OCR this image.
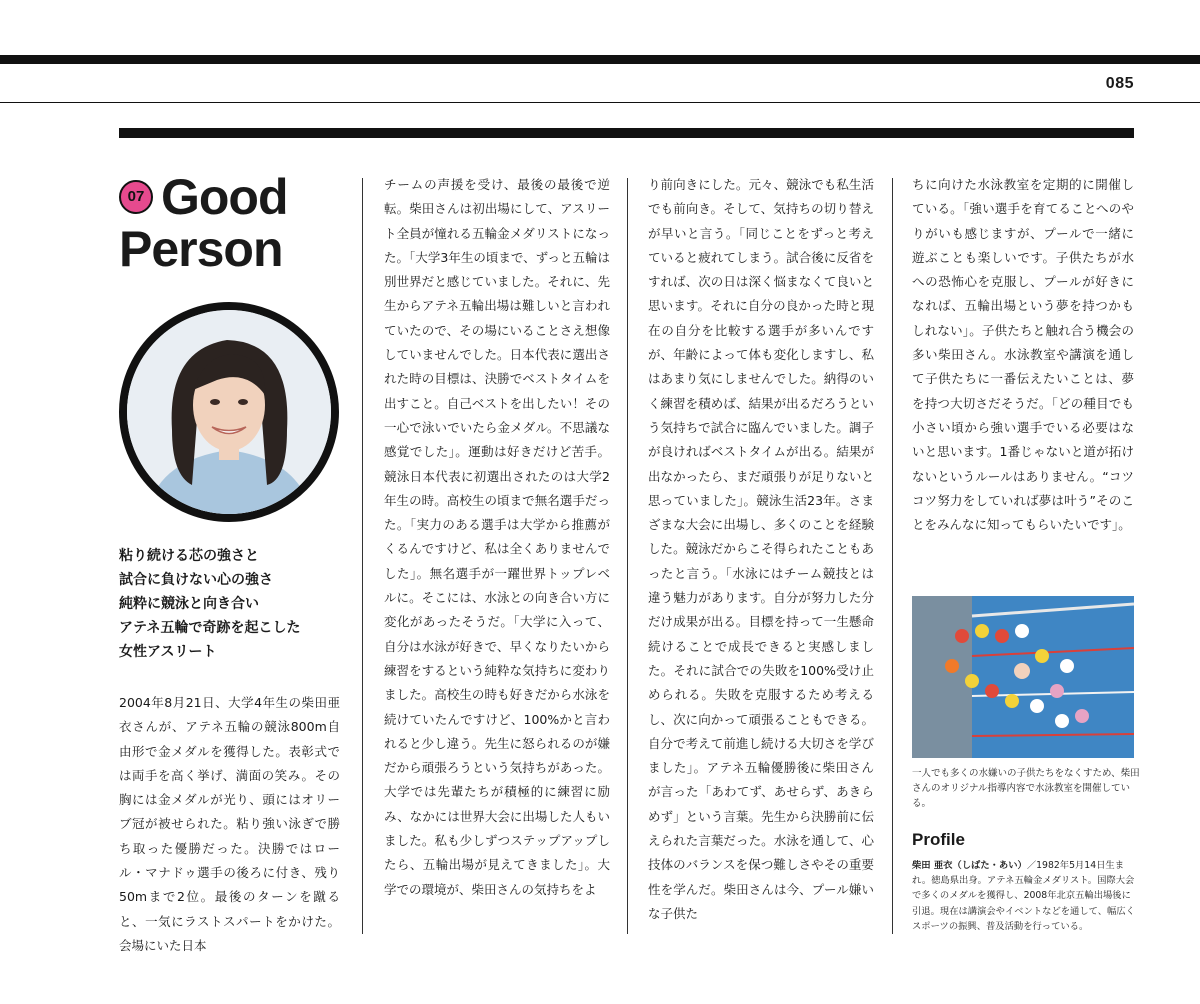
085
07 Good
Person
粘り続ける芯の強さと
試合に負けない心の強さ
純粋に競泳と向き合い
アテネ五輪で奇跡を起こした
女性アスリート
2004年8月21日、大学4年生の柴田亜衣さんが、アテネ五輪の競泳800m自由形で金メダルを獲得した。表彰式では両手を高く挙げ、満面の笑み。その胸には金メダルが光り、頭にはオリーブ冠が被せられた。粘り強い泳ぎで勝ち取った優勝だった。決勝ではロール・マナドゥ選手の後ろに付き、残り50mまで2位。最後のターンを蹴ると、一気にラストスパートをかけた。会場にいた日本
チームの声援を受け、最後の最後で逆転。柴田さんは初出場にして、アスリート全員が憧れる五輪金メダリストになった。「大学3年生の頃まで、ずっと五輪は別世界だと感じていました。それに、先生からアテネ五輪出場は難しいと言われていたので、その場にいることさえ想像していませんでした。日本代表に選出された時の目標は、決勝でベストタイムを出すこと。自己ベストを出したい！その一心で泳いでいたら金メダル。不思議な感覚でした」。運動は好きだけど苦手。競泳日本代表に初選出されたのは大学2年生の時。高校生の頃まで無名選手だった。「実力のある選手は大学から推薦がくるんですけど、私は全くありませんでした」。無名選手が一躍世界トップレベルに。そこには、水泳との向き合い方に変化があったそうだ。「大学に入って、自分は水泳が好きで、早くなりたいから練習をするという純粋な気持ちに変わりました。高校生の時も好きだから水泳を続けていたんですけど、100%かと言われると少し違う。先生に怒られるのが嫌だから頑張ろうという気持ちがあった。大学では先輩たちが積極的に練習に励み、なかには世界大会に出場した人もいました。私も少しずつステップアップしたら、五輪出場が見えてきました」。大学での環境が、柴田さんの気持ちをよ
り前向きにした。元々、競泳でも私生活でも前向き。そして、気持ちの切り替えが早いと言う。「同じことをずっと考えていると疲れてしまう。試合後に反省をすれば、次の日は深く悩まなくて良いと思います。それに自分の良かった時と現在の自分を比較する選手が多いんですが、年齢によって体も変化しますし、私はあまり気にしませんでした。納得のいく練習を積めば、結果が出るだろうという気持ちで試合に臨んでいました。調子が良ければベストタイムが出る。結果が出なかったら、まだ頑張りが足りないと思っていました」。競泳生活23年。さまざまな大会に出場し、多くのことを経験した。競泳だからこそ得られたこともあったと言う。「水泳にはチーム競技とは違う魅力があります。自分が努力した分だけ成果が出る。目標を持って一生懸命続けることで成長できると実感しました。それに試合での失敗を100%受け止められる。失敗を克服するため考えるし、次に向かって頑張ることもできる。自分で考えて前進し続ける大切さを学びました」。アテネ五輪優勝後に柴田さんが言った「あわてず、あせらず、あきらめず」という言葉。先生から決勝前に伝えられた言葉だった。水泳を通して、心技体のバランスを保つ難しさやその重要性を学んだ。柴田さんは今、プール嫌いな子供た
ちに向けた水泳教室を定期的に開催している。「強い選手を育てることへのやりがいも感じますが、プールで一緒に遊ぶことも楽しいです。子供たちが水への恐怖心を克服し、プールが好きになれば、五輪出場という夢を持つかもしれない」。子供たちと触れ合う機会の多い柴田さん。水泳教室や講演を通して子供たちに一番伝えたいことは、夢を持つ大切さだそうだ。「どの種目でも小さい頃から強い選手でいる必要はないと思います。1番じゃないと道が拓けないというルールはありません。“コツコツ努力をしていれば夢は叶う”そのことをみんなに知ってもらいたいです」。
一人でも多くの水嫌いの子供たちをなくすため、柴田さんのオリジナル指導内容で水泳教室を開催している。
Profile
柴田 亜衣（しばた・あい）／1982年5月14日生まれ。徳島県出身。アテネ五輪金メダリスト。国際大会で多くのメダルを獲得し、2008年北京五輪出場後に引退。現在は講演会やイベントなどを通して、幅広くスポーツの振興、普及活動を行っている。
